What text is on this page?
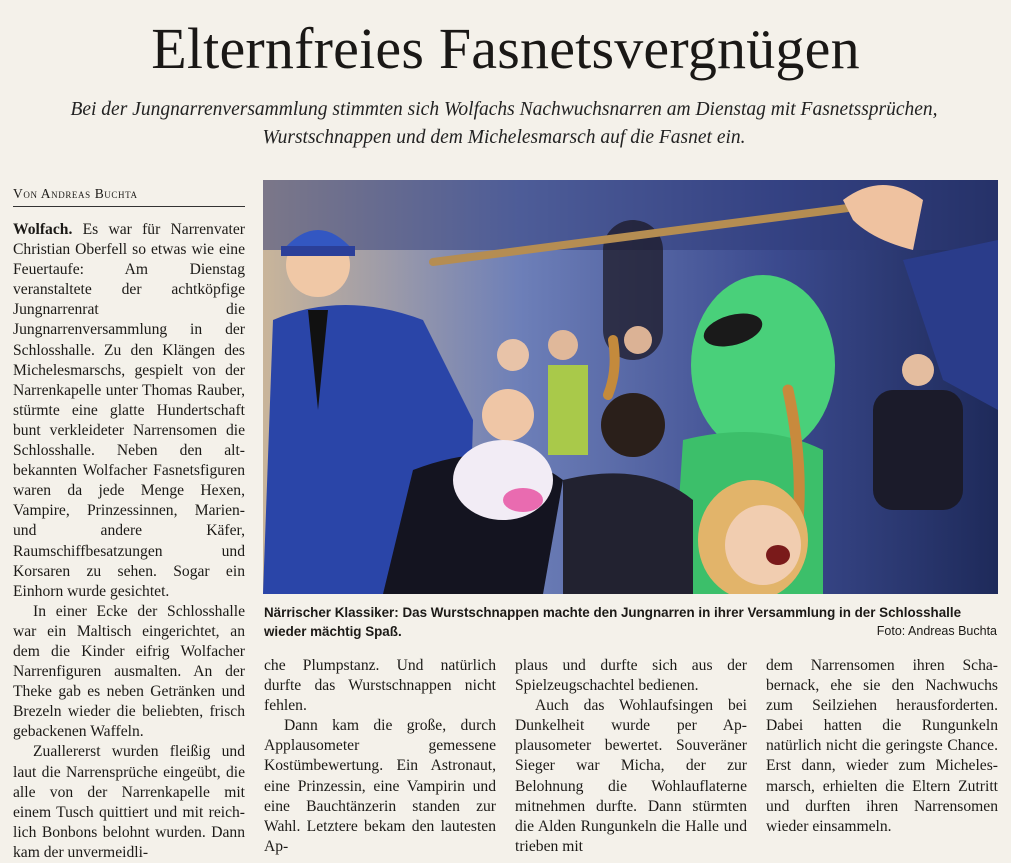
Elternfreies Fasnetsvergnügen
Bei der Jungnarrenversammlung stimmten sich Wolfachs Nachwuchsnarren am Dienstag mit Fasnetssprüchen, Wurstschnappen und dem Michelesmarsch auf die Fasnet ein.
Von Andreas Buchta

Wolfach. Es war für Narrenvater Christian Oberfell so etwas wie eine Feuertaufe: Am Dienstag veranstaltete der achtköpfige Jungnarrenrat die Jungnarrenversammlung in der Schlosshalle. Zu den Klängen des Michelesmarschs, gespielt von der Narrenkapelle unter Thomas Rauber, stürmte eine glatte Hundertschaft bunt verkleideter Narrensomen die Schlosshalle. Neben den altbekannten Wolfacher Fasnetsfiguren waren da jede Menge Hexen, Vampire, Prinzessinnen, Marien- und andere Käfer, Raumschiffbesatzungen und Korsaren zu sehen. Sogar ein Einhorn wurde gesichtet.

In einer Ecke der Schlosshalle war ein Maltisch eingerichtet, an dem die Kinder eifrig Wolfacher Narrenfiguren ausmalten. An der Theke gab es neben Getränken und Brezeln wieder die beliebten, frisch gebackenen Waffeln.

Zuallererst wurden fleißig und laut die Narrensprüche eingeübt, die alle von der Narrenkapelle mit einem Tusch quittiert und mit reichlich Bonbons belohnt wurden. Dann kam der unvermeidli-

Närrischer Klassiker: Das Wurstschnappen machte den Jungnarren in ihrer Versammlung in der Schlosshalle wieder mächtig Spaß.	Foto: Andreas Buchta

che Plumpstanz. Und natürlich durfte das Wurstschnappen nicht fehlen.

Dann kam die große, durch Applausometer gemessene Kostümbewertung. Ein Astronaut, eine Prinzessin, eine Vampirin und eine Bauchtänzerin standen zur Wahl. Letztere bekam den lautesten Ap-

plaus und durfte sich aus der Spielzeugschachtel bedienen.

Auch das Wohlaufsingen bei Dunkelheit wurde per Applausometer bewertet. Souveräner Sieger war Micha, der zur Belohnung die Wohlauflaterne mitnehmen durfte. Dann stürmten die Alden Rungunkeln die Halle und trieben mit

dem Narrensomen ihren Schabernack, ehe sie den Nachwuchs zum Seilziehen herausforderten. Dabei hatten die Rungunkeln natürlich nicht die geringste Chance. Erst dann, wieder zum Michelesmarsch, erhielten die Eltern Zutritt und durften ihren Narrensomen wieder einsammeln.
